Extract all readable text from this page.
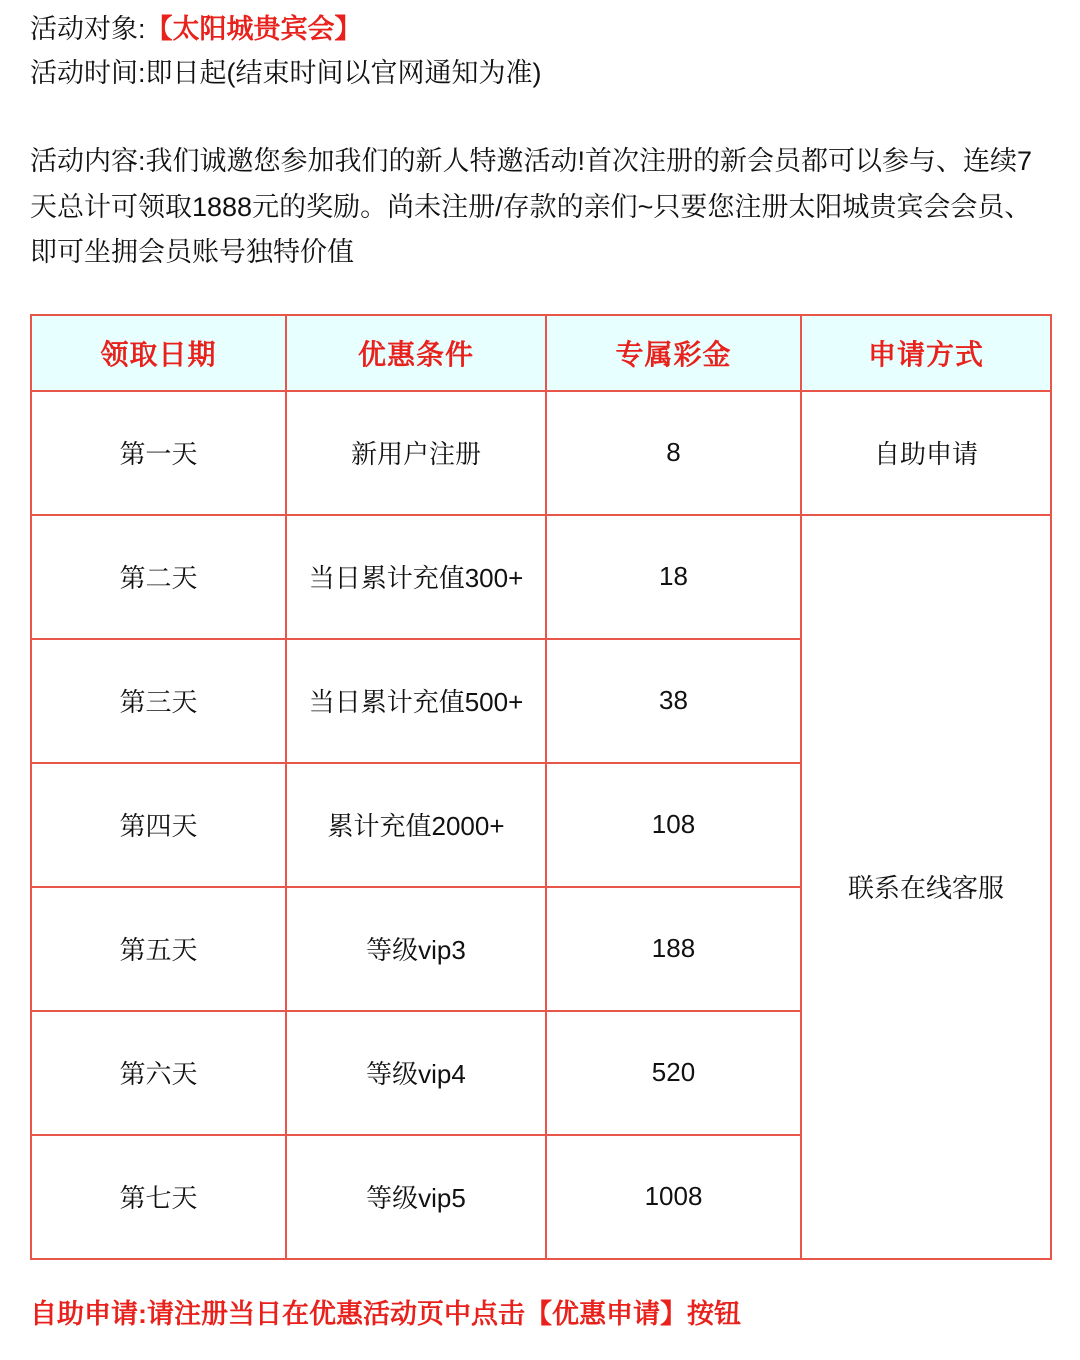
活动对象:【太阳城贵宾会】
活动时间:即日起(结束时间以官网通知为准)
活动内容:我们诚邀您参加我们的新人特邀活动!首次注册的新会员都可以参与、连续7天总计可领取1888元的奖励。尚未注册/存款的亲们~只要您注册太阳城贵宾会会员、即可坐拥会员账号独特价值
领取日期	优惠条件	专属彩金	申请方式
第一天	新用户注册	8	自助申请
第二天	当日累计充值300+	18	联系在线客服
第三天	当日累计充值500+	38	
第四天	累计充值2000+	108	
第五天	等级vip3	188	
第六天	等级vip4	520	
第七天	等级vip5	1008	
自助申请:请注册当日在优惠活动页中点击【优惠申请】按钮
